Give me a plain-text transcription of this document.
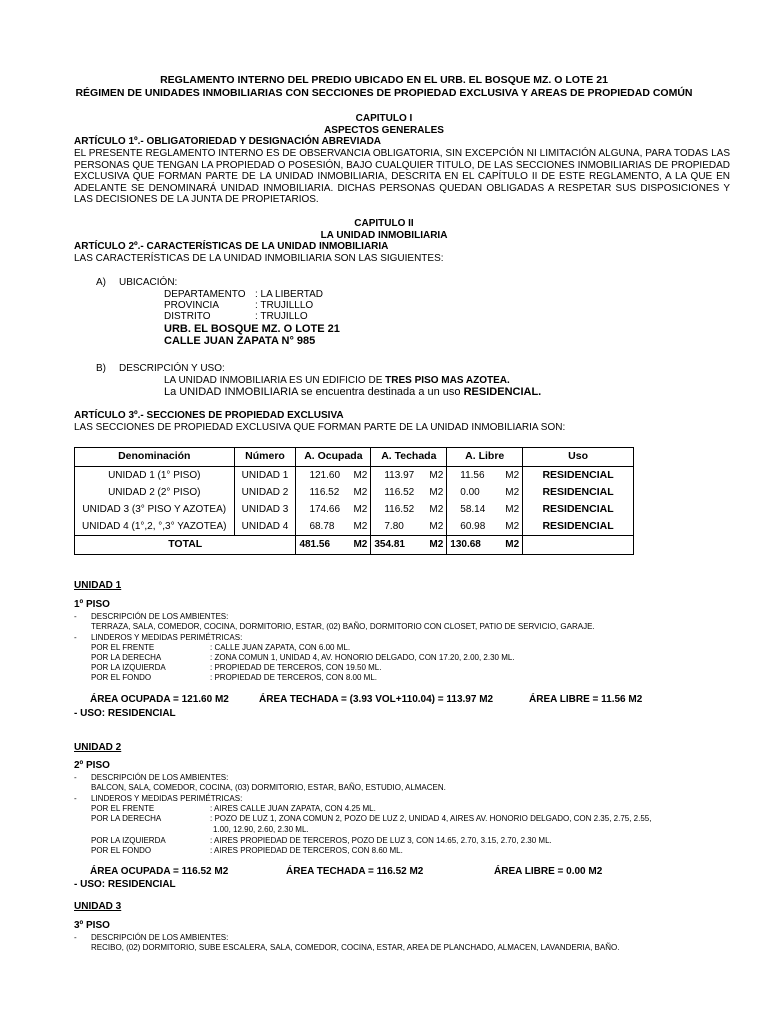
REGLAMENTO INTERNO DEL PREDIO UBICADO EN EL URB. EL BOSQUE MZ. O LOTE 21
RÉGIMEN DE UNIDADES INMOBILIARIAS CON SECCIONES DE PROPIEDAD EXCLUSIVA Y AREAS DE PROPIEDAD COMÚN
CAPITULO I
ASPECTOS GENERALES
ARTÍCULO 1º.- OBLIGATORIEDAD Y DESIGNACIÓN ABREVIADA
EL PRESENTE REGLAMENTO INTERNO ES DE OBSERVANCIA OBLIGATORIA, SIN EXCEPCIÓN NI LIMITACIÓN ALGUNA, PARA TODAS LAS PERSONAS QUE TENGAN LA PROPIEDAD O POSESIÓN, BAJO CUALQUIER TITULO, DE LAS SECCIONES INMOBILIARIAS DE PROPIEDAD EXCLUSIVA QUE FORMAN PARTE DE LA UNIDAD INMOBILIARIA, DESCRITA EN EL CAPÍTULO II DE ESTE REGLAMENTO, A LA QUE EN ADELANTE SE DENOMINARÁ UNIDAD INMOBILIARIA. DICHAS PERSONAS QUEDAN OBLIGADAS A RESPETAR SUS DISPOSICIONES Y LAS DECISIONES DE LA JUNTA DE PROPIETARIOS.
CAPITULO II
LA UNIDAD INMOBILIARIA
ARTÍCULO 2º.- CARACTERÍSTICAS DE LA UNIDAD INMOBILIARIA
LAS CARACTERÍSTICAS DE LA UNIDAD INMOBILIARIA SON LAS SIGUIENTES:
A) UBICACIÓN:
DEPARTAMENTO : LA LIBERTAD
PROVINCIA	: TRUJILLLO
DISTRITO	: TRUJILLO
URB. EL BOSQUE MZ. O LOTE 21
CALLE JUAN ZAPATA N° 985
B) DESCRIPCIÓN Y USO:
LA UNIDAD INMOBILIARIA ES UN EDIFICIO DE TRES PISO MAS AZOTEA.
La UNIDAD INMOBILIARIA se encuentra destinada a un uso RESIDENCIAL.
ARTÍCULO 3º.- SECCIONES DE PROPIEDAD EXCLUSIVA
LAS SECCIONES DE PROPIEDAD EXCLUSIVA QUE FORMAN PARTE DE LA UNIDAD INMOBILIARIA SON:
Denominación	Número	A. Ocupada	A. Techada	A. Libre	Uso
UNIDAD 1 (1° PISO)	UNIDAD 1	121.60 M2	113.97 M2	11.56 M2	RESIDENCIAL
UNIDAD 2 (2° PISO)	UNIDAD 2	116.52 M2	116.52 M2	0.00 M2	RESIDENCIAL
UNIDAD 3 (3° PISO Y AZOTEA)	UNIDAD 3	174.66 M2	116.52 M2	58.14 M2	RESIDENCIAL
UNIDAD 4 (1°,2, °,3° YAZOTEA)	UNIDAD 4	68.78 M2	7.80 M2	60.98 M2	RESIDENCIAL
TOTAL		481.56 M2	354.81 M2	130.68 M2	

UNIDAD 1
1º PISO
- DESCRIPCIÓN DE LOS AMBIENTES:
TERRAZA, SALA, COMEDOR, COCINA, DORMITORIO, ESTAR, (02) BAÑO, DORMITORIO CON CLOSET, PATIO DE SERVICIO, GARAJE.
- LINDEROS Y MEDIDAS PERIMÉTRICAS:
POR EL FRENTE	: CALLE JUAN ZAPATA, CON 6.00 ML.
POR LA DERECHA	: ZONA COMUN 1, UNIDAD 4, AV. HONORIO DELGADO, CON 17.20, 2.00, 2.30 ML.
POR LA IZQUIERDA	: PROPIEDAD DE TERCEROS, CON 19.50 ML.
POR EL FONDO	: PROPIEDAD DE TERCEROS, CON 8.00 ML.
ÁREA OCUPADA = 121.60 M2	ÁREA TECHADA = (3.93 VOL+110.04) = 113.97 M2	ÁREA LIBRE = 11.56 M2
- USO: RESIDENCIAL
UNIDAD 2
2º PISO
- DESCRIPCIÓN DE LOS AMBIENTES:
BALCON, SALA, COMEDOR, COCINA, (03) DORMITORIO, ESTAR, BAÑO, ESTUDIO, ALMACEN.
- LINDEROS Y MEDIDAS PERIMÉTRICAS:
POR EL FRENTE	: AIRES CALLE JUAN ZAPATA, CON 4.25 ML.
POR LA DERECHA	: POZO DE LUZ 1, ZONA COMUN 2, POZO DE LUZ 2, UNIDAD 4, AIRES AV. HONORIO DELGADO, CON 2.35, 2.75, 2.55,
1.00, 12.90, 2.60, 2.30 ML.
POR LA IZQUIERDA	: AIRES PROPIEDAD DE TERCEROS, POZO DE LUZ 3, CON 14.65, 2.70, 3.15, 2.70, 2.30 ML.
POR EL FONDO	: AIRES PROPIEDAD DE TERCEROS, CON 8.60 ML.
ÁREA OCUPADA = 116.52 M2	ÁREA TECHADA = 116.52 M2	ÁREA LIBRE = 0.00 M2
- USO: RESIDENCIAL
UNIDAD 3
3º PISO
- DESCRIPCIÓN DE LOS AMBIENTES:
RECIBO, (02) DORMITORIO, SUBE ESCALERA, SALA, COMEDOR, COCINA, ESTAR, AREA DE PLANCHADO, ALMACEN, LAVANDERIA, BAÑO.
